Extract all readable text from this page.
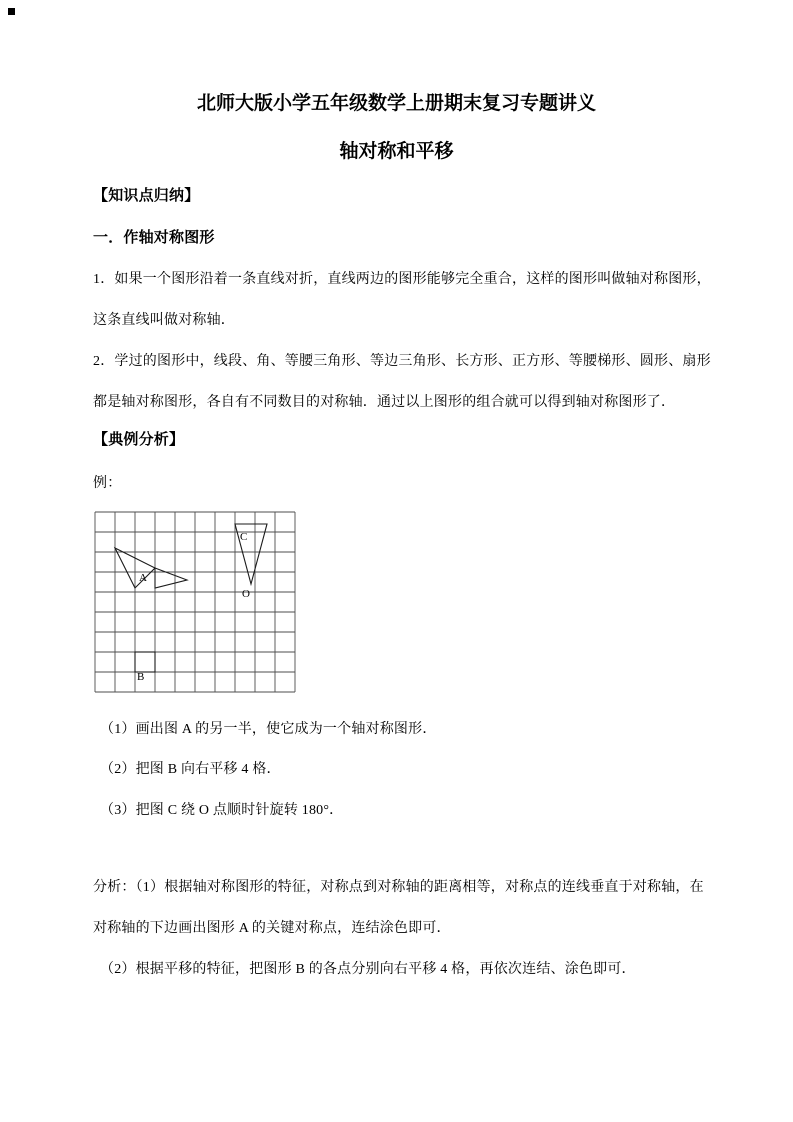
北师大版小学五年级数学上册期末复习专题讲义
轴对称和平移
【知识点归纳】
一．作轴对称图形
1．如果一个图形沿着一条直线对折，直线两边的图形能够完全重合，这样的图形叫做轴对称图形，
这条直线叫做对称轴．
2．学过的图形中，线段、角、等腰三角形、等边三角形、长方形、正方形、等腰梯形、圆形、扇形
都是轴对称图形，各自有不同数目的对称轴．通过以上图形的组合就可以得到轴对称图形了．
【典例分析】
例：
A
B
C
O
（1）画出图 A 的另一半，使它成为一个轴对称图形．
（2）把图 B 向右平移 4 格．
（3）把图 C 绕 O 点顺时针旋转 180°．
分析：（1）根据轴对称图形的特征，对称点到对称轴的距离相等，对称点的连线垂直于对称轴，在
对称轴的下边画出图形 A 的关键对称点，连结涂色即可．
（2）根据平移的特征，把图形 B 的各点分别向右平移 4 格，再依次连结、涂色即可．
